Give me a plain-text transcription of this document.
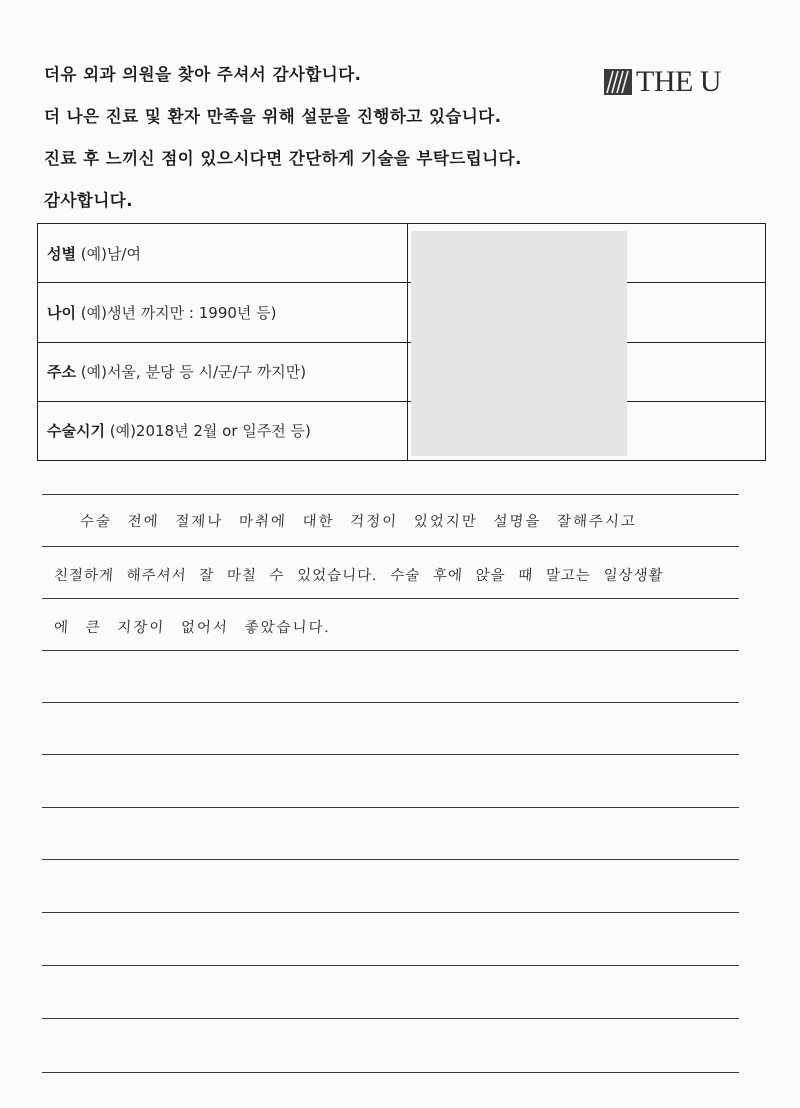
더유 외과 의원을 찾아 주셔서 감사합니다.
더 나은 진료 및 환자 만족을 위해 설문을 진행하고 있습니다.
진료 후 느끼신 점이 있으시다면 간단하게 기술을 부탁드립니다.
감사합니다.
THE U
성별 (예)남/여	
나이 (예)생년 까지만 : 1990년 등)	
주소 (예)서울, 분당 등 시/군/구 까지만)	
수술시기 (예)2018년 2월 or 일주전 등)	
수술 전에 절제나 마취에 대한 걱정이 있었지만 설명을 잘해주시고
친절하게 해주셔서 잘 마칠 수 있었습니다. 수술 후에 앉을 때 말고는 일상생활
에 큰 지장이 없어서 좋았습니다.
